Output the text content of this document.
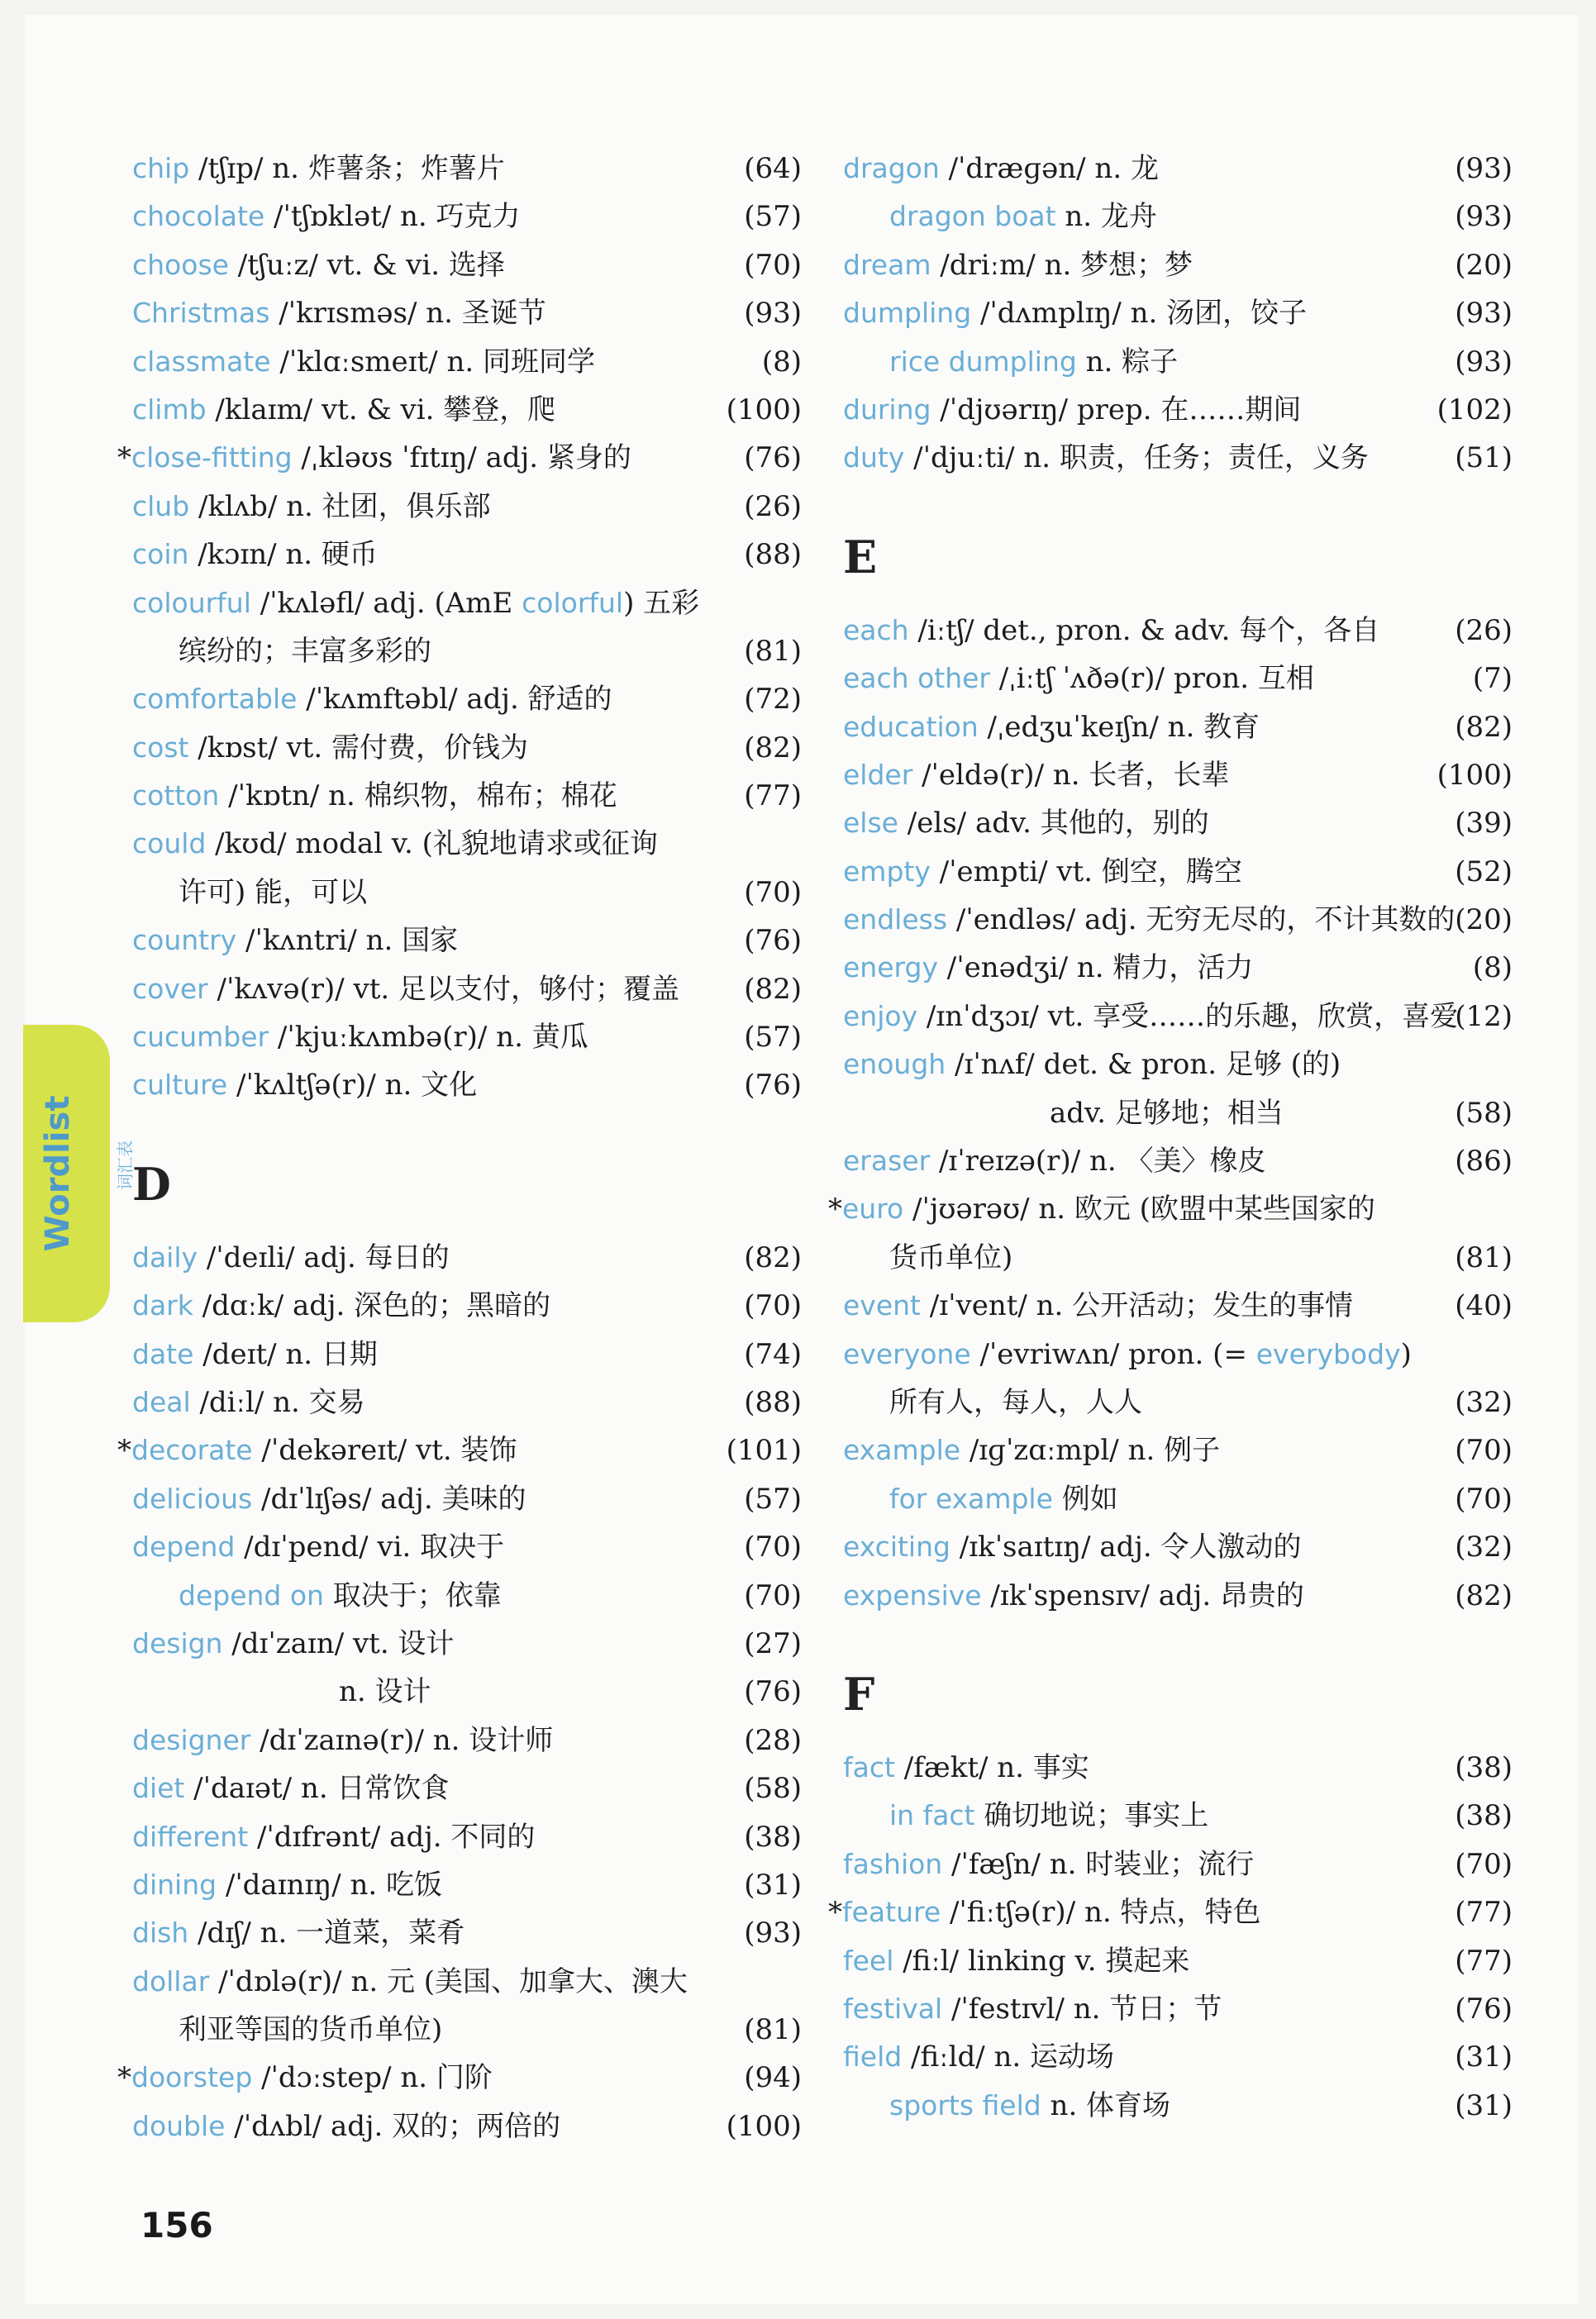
Wordlist 词汇表
chip /tʃɪp/ n. 炸薯条；炸薯片	(64)
chocolate /ˈtʃɒklət/ n. 巧克力	(57)
choose /tʃuːz/ vt. & vi. 选择	(70)
Christmas /ˈkrɪsməs/ n. 圣诞节	(93)
classmate /ˈklɑːsmeɪt/ n. 同班同学	(8)
climb /klaɪm/ vt. & vi. 攀登，爬	(100)
*close-fitting /ˌkləʊs ˈfɪtɪŋ/ adj. 紧身的	(76)
club /klʌb/ n. 社团，俱乐部	(26)
coin /kɔɪn/ n. 硬币	(88)
colourful /ˈkʌləfl/ adj. (AmE colorful) 五彩
缤纷的；丰富多彩的	(81)
comfortable /ˈkʌmftəbl/ adj. 舒适的	(72)
cost /kɒst/ vt. 需付费，价钱为	(82)
cotton /ˈkɒtn/ n. 棉织物，棉布；棉花	(77)
could /kʊd/ modal v. (礼貌地请求或征询
许可) 能，可以	(70)
country /ˈkʌntri/ n. 国家	(76)
cover /ˈkʌvə(r)/ vt. 足以支付，够付；覆盖 (82)
cucumber /ˈkjuːkʌmbə(r)/ n. 黄瓜	(57)
culture /ˈkʌltʃə(r)/ n. 文化	(76)
D
daily /ˈdeɪli/ adj. 每日的	(82)
dark /dɑːk/ adj. 深色的；黑暗的	(70)
date /deɪt/ n. 日期	(74)
deal /diːl/ n. 交易	(88)
*decorate /ˈdekəreɪt/ vt. 装饰	(101)
delicious /dɪˈlɪʃəs/ adj. 美味的	(57)
depend /dɪˈpend/ vi. 取决于	(70)
depend on 取决于；依靠	(70)
design /dɪˈzaɪn/ vt. 设计	(27)
n. 设计	(76)
designer /dɪˈzaɪnə(r)/ n. 设计师	(28)
diet /ˈdaɪət/ n. 日常饮食	(58)
different /ˈdɪfrənt/ adj. 不同的	(38)
dining /ˈdaɪnɪŋ/ n. 吃饭	(31)
dish /dɪʃ/ n. 一道菜，菜肴	(93)
dollar /ˈdɒlə(r)/ n. 元 (美国、加拿大、澳大
利亚等国的货币单位)	(81)
*doorstep /ˈdɔːstep/ n. 门阶	(94)
double /ˈdʌbl/ adj. 双的；两倍的	(100)
dragon /ˈdræɡən/ n. 龙	(93)
dragon boat n. 龙舟	(93)
dream /driːm/ n. 梦想；梦	(20)
dumpling /ˈdʌmplɪŋ/ n. 汤团，饺子	(93)
rice dumpling n. 粽子	(93)
during /ˈdjʊərɪŋ/ prep. 在……期间	(102)
duty /ˈdjuːti/ n. 职责，任务；责任，义务	(51)
E
each /iːtʃ/ det., pron. & adv. 每个，各自	(26)
each other /ˌiːtʃ ˈʌðə(r)/ pron. 互相	(7)
education /ˌedʒuˈkeɪʃn/ n. 教育	(82)
elder /ˈeldə(r)/ n. 长者，长辈	(100)
else /els/ adv. 其他的，别的	(39)
empty /ˈempti/ vt. 倒空，腾空	(52)
endless /ˈendləs/ adj. 无穷无尽的，不计其数的 (20)
energy /ˈenədʒi/ n. 精力，活力	(8)
enjoy /ɪnˈdʒɔɪ/ vt. 享受……的乐趣，欣赏，喜爱
(12)
enough /ɪˈnʌf/ det. & pron. 足够 (的)
adv. 足够地；相当	(58)
eraser /ɪˈreɪzə(r)/ n. 〈美〉橡皮	(86)
*euro /ˈjʊərəʊ/ n. 欧元 (欧盟中某些国家的
货币单位)	(81)
event /ɪˈvent/ n. 公开活动；发生的事情	(40)
everyone /ˈevriwʌn/ pron. (= everybody)
所有人，每人，人人	(32)
example /ɪɡˈzɑːmpl/ n. 例子	(70)
for example 例如	(70)
exciting /ɪkˈsaɪtɪŋ/ adj. 令人激动的	(32)
expensive /ɪkˈspensɪv/ adj. 昂贵的	(82)
F
fact /fækt/ n. 事实	(38)
in fact 确切地说；事实上	(38)
fashion /ˈfæʃn/ n. 时装业；流行	(70)
*feature /ˈfiːtʃə(r)/ n. 特点，特色	(77)
feel /fiːl/ linking v. 摸起来	(77)
festival /ˈfestɪvl/ n. 节日；节	(76)
field /fiːld/ n. 运动场	(31)
sports field n. 体育场	(31)
156
